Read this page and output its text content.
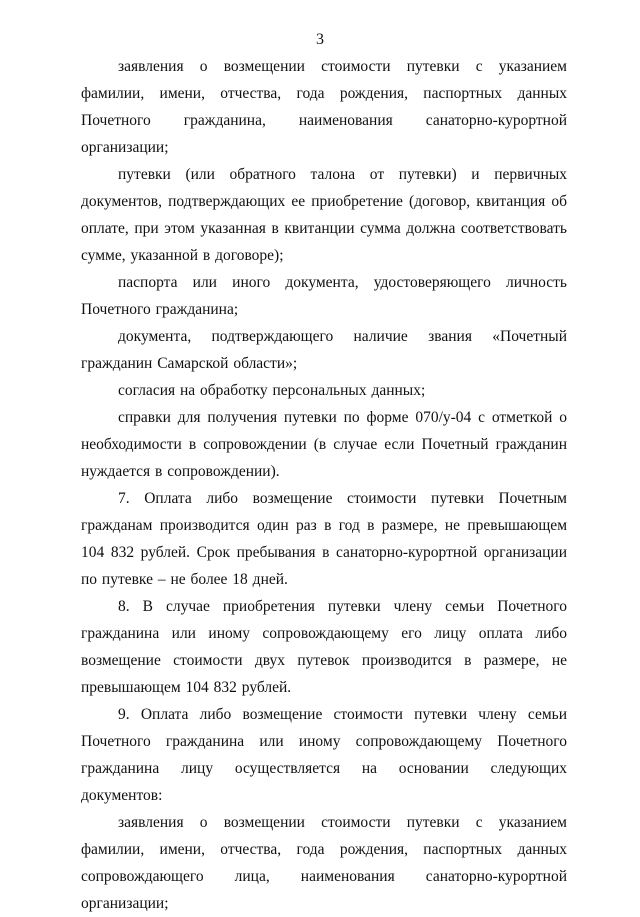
3

заявления о возмещении стоимости путевки с указанием фамилии, имени, отчества, года рождения, паспортных данных Почетного гражданина, наименования санаторно-курортной организации;

путевки (или обратного талона от путевки) и первичных документов, подтверждающих ее приобретение (договор, квитанция об оплате, при этом указанная в квитанции сумма должна соответствовать сумме, указанной в договоре);

паспорта или иного документа, удостоверяющего личность Почетного гражданина;

документа, подтверждающего наличие звания «Почетный гражданин Самарской области»;

согласия на обработку персональных данных;

справки для получения путевки по форме 070/у-04 с отметкой о необходимости в сопровождении (в случае если Почетный гражданин нуждается в сопровождении).

7. Оплата либо возмещение стоимости путевки Почетным гражданам производится один раз в год в размере, не превышающем 104 832 рублей. Срок пребывания в санаторно-курортной организации по путевке – не более 18 дней.

8. В случае приобретения путевки члену семьи Почетного гражданина или иному сопровождающему его лицу оплата либо возмещение стоимости двух путевок производится в размере, не превышающем 104 832 рублей.

9. Оплата либо возмещение стоимости путевки члену семьи Почетного гражданина или иному сопровождающему Почетного гражданина лицу осуществляется на основании следующих документов:

заявления о возмещении стоимости путевки с указанием фамилии, имени, отчества, года рождения, паспортных данных сопровождающего лица, наименования санаторно-курортной организации;
